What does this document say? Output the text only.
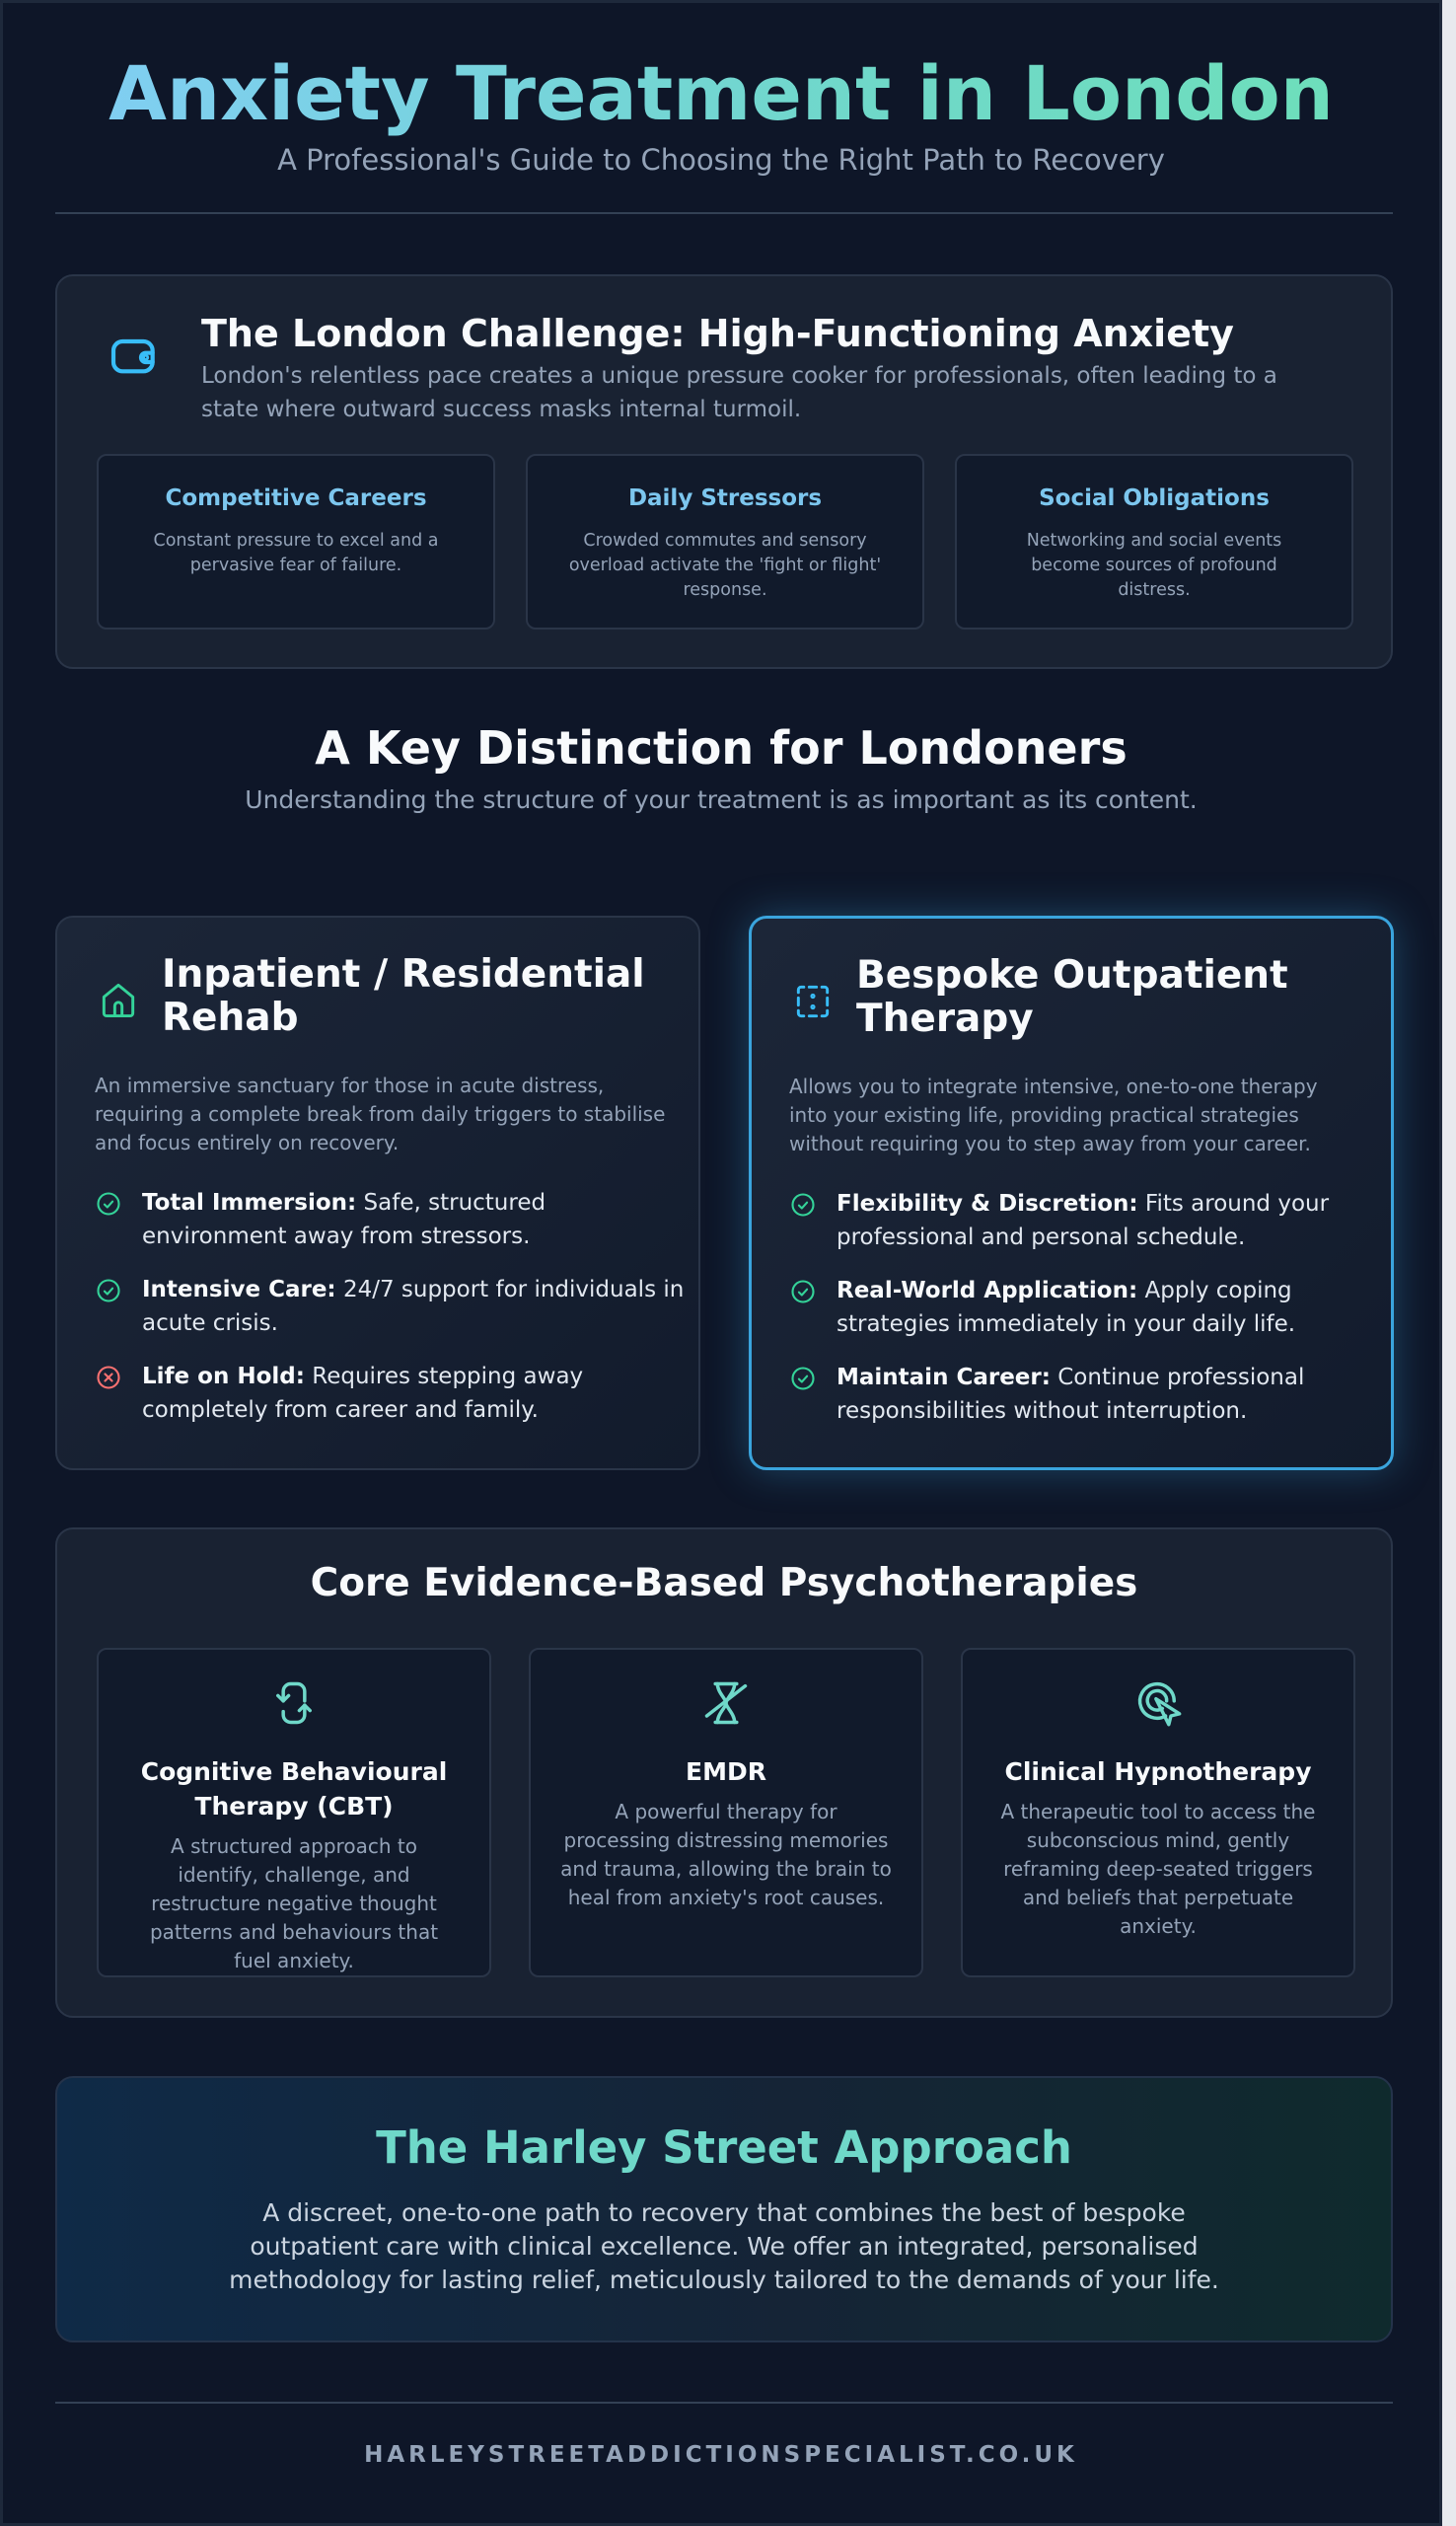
Anxiety Treatment in London
A Professional's Guide to Choosing the Right Path to Recovery
The London Challenge: High-Functioning Anxiety
London's relentless pace creates a unique pressure cooker for professionals, often leading to a state where outward success masks internal turmoil.
Competitive Careers
Constant pressure to excel and a pervasive fear of failure.
Daily Stressors
Crowded commutes and sensory overload activate the 'fight or flight' response.
Social Obligations
Networking and social events become sources of profound distress.
A Key Distinction for Londoners
Understanding the structure of your treatment is as important as its content.
Inpatient / Residential Rehab
An immersive sanctuary for those in acute distress, requiring a complete break from daily triggers to stabilise and focus entirely on recovery.
Total Immersion: Safe, structured environment away from stressors.
Intensive Care: 24/7 support for individuals in acute crisis.
Life on Hold: Requires stepping away completely from career and family.
Bespoke Outpatient Therapy
Allows you to integrate intensive, one-to-one therapy into your existing life, providing practical strategies without requiring you to step away from your career.
Flexibility & Discretion: Fits around your professional and personal schedule.
Real-World Application: Apply coping strategies immediately in your daily life.
Maintain Career: Continue professional responsibilities without interruption.
Core Evidence-Based Psychotherapies
Cognitive Behavioural Therapy (CBT)
A structured approach to identify, challenge, and restructure negative thought patterns and behaviours that fuel anxiety.
EMDR
A powerful therapy for processing distressing memories and trauma, allowing the brain to heal from anxiety's root causes.
Clinical Hypnotherapy
A therapeutic tool to access the subconscious mind, gently reframing deep-seated triggers and beliefs that perpetuate anxiety.
The Harley Street Approach
A discreet, one-to-one path to recovery that combines the best of bespoke outpatient care with clinical excellence. We offer an integrated, personalised methodology for lasting relief, meticulously tailored to the demands of your life.
HARLEYSTREETADDICTIONSPECIALIST.CO.UK
